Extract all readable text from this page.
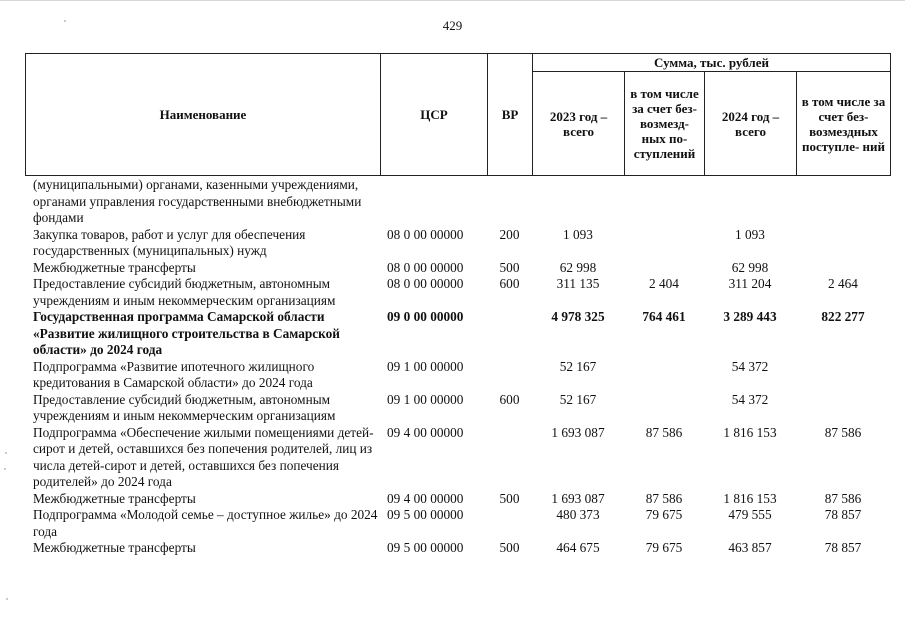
429
Наименование	ЦСР	ВР	Сумма, тыс. рублей			
			2023 год – всего	в том числе за счет без- возмезд- ных по- ступлений	2024 год – всего	в том числе за счет без- возмездных поступле- ний
(муниципальными) органами, казенными учреждениями, органами управления государственными внебюджетными фондами						
Закупка товаров, работ и услуг для обеспечения государственных (муниципальных) нужд	08 0 00 00000	200	1 093		1 093	
Межбюджетные трансферты	08 0 00 00000	500	62 998		62 998	
Предоставление субсидий бюджетным, автономным учреждениям и иным некоммерческим организациям	08 0 00 00000	600	311 135	2 404	311 204	2 464
Государственная программа Самарской области «Развитие жилищного строительства в Самарской области» до 2024 года	09 0 00 00000		4 978 325	764 461	3 289 443	822 277
Подпрограмма «Развитие ипотечного жилищного кредитования в Самарской области» до 2024 года	09 1 00 00000		52 167		54 372	
Предоставление субсидий бюджетным, автономным учреждениям и иным некоммерческим организациям	09 1 00 00000	600	52 167		54 372	
Подпрограмма «Обеспечение жилыми помещениями детей-сирот и детей, оставшихся без попечения родителей, лиц из числа детей-сирот и детей, оставшихся без попечения родителей» до 2024 года	09 4 00 00000		1 693 087	87 586	1 816 153	87 586
Межбюджетные трансферты	09 4 00 00000	500	1 693 087	87 586	1 816 153	87 586
Подпрограмма «Молодой семье – доступное жилье» до 2024 года	09 5 00 00000		480 373	79 675	479 555	78 857
Межбюджетные трансферты	09 5 00 00000	500	464 675	79 675	463 857	78 857
